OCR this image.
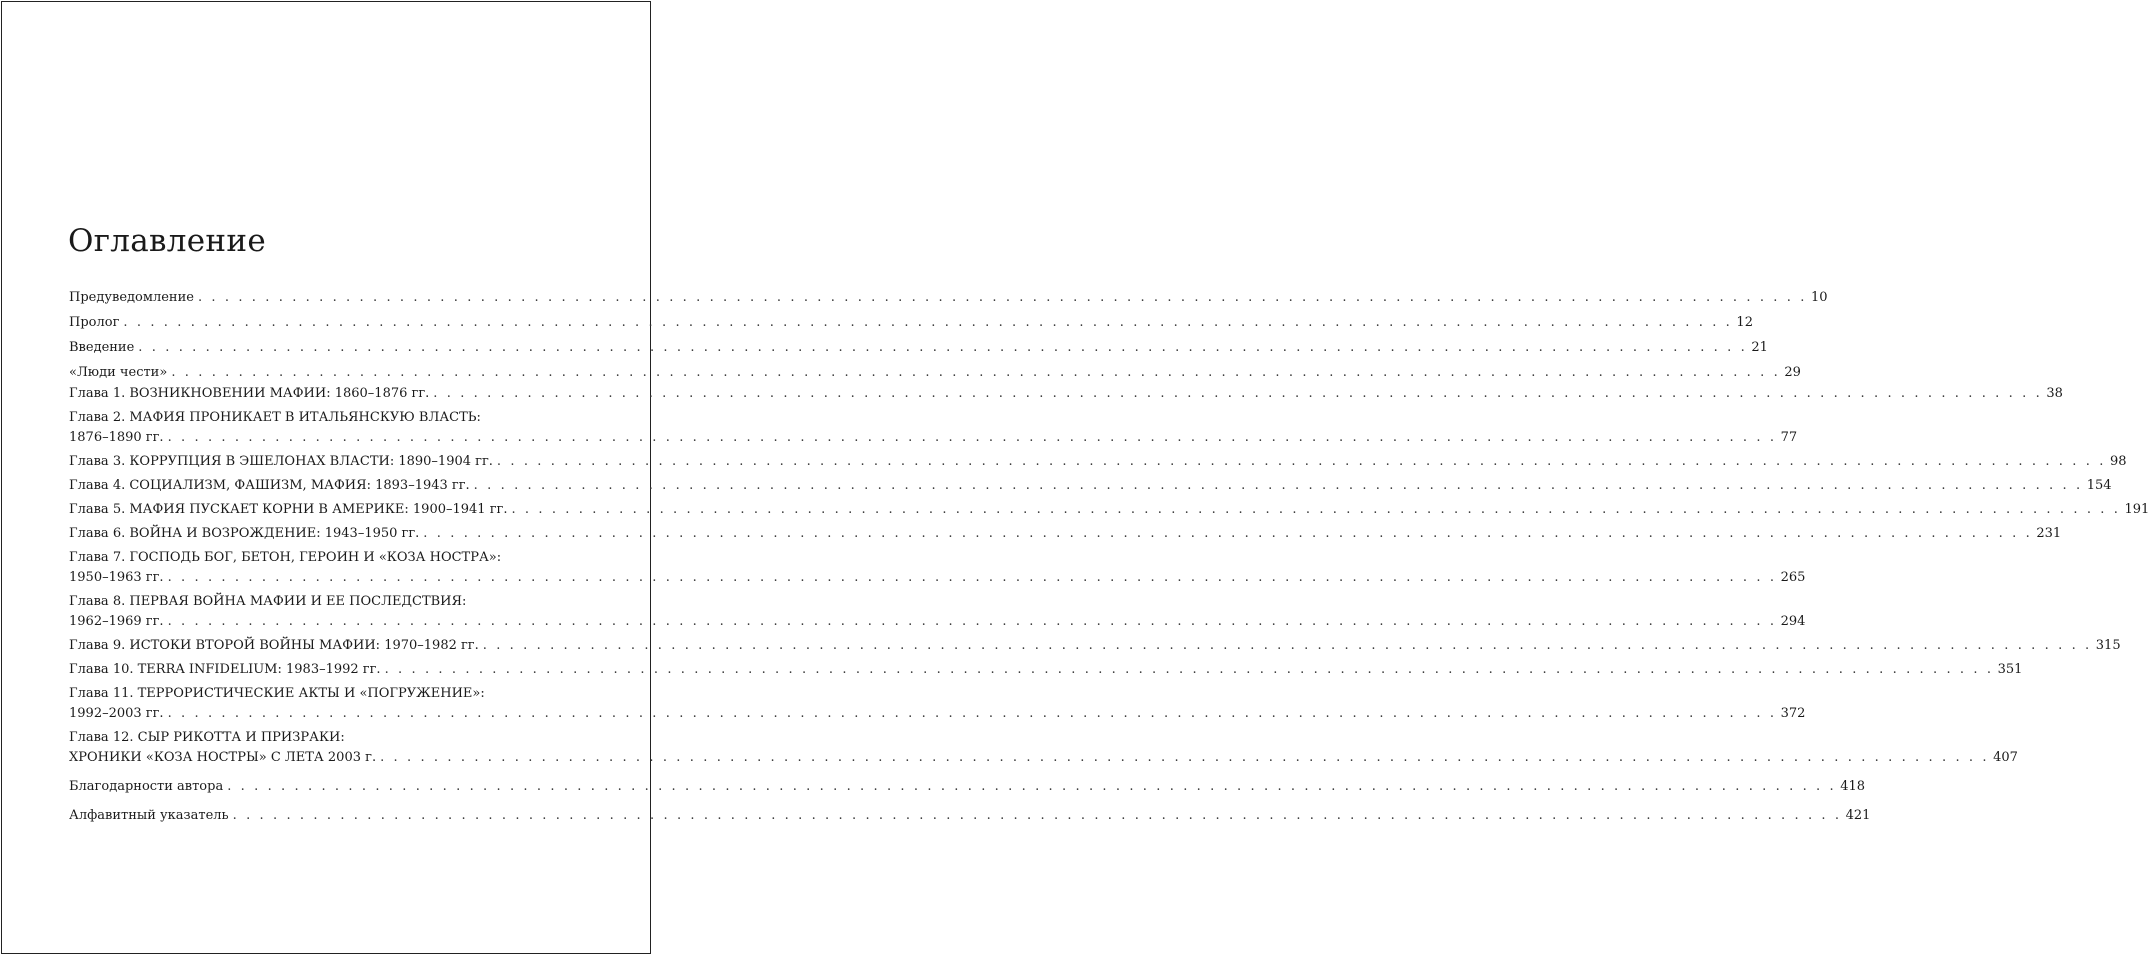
Оглавление
Предуведомление . . . . . . . . . . . . . . . . . . . . . . . . . . . . . . . . . . . . . . . . . . . . . . . . . . . . . . . . . . . . . . . . . . . . . . . . . . . . . . . . . . . . . . . . . . . . . . . . . . . . . . . . . . . . . . . . . . . . . . . . 10
Пролог . . . . . . . . . . . . . . . . . . . . . . . . . . . . . . . . . . . . . . . . . . . . . . . . . . . . . . . . . . . . . . . . . . . . . . . . . . . . . . . . . . . . . . . . . . . . . . . . . . . . . . . . . . . . . . . . . . . . . . . . 12
Введение . . . . . . . . . . . . . . . . . . . . . . . . . . . . . . . . . . . . . . . . . . . . . . . . . . . . . . . . . . . . . . . . . . . . . . . . . . . . . . . . . . . . . . . . . . . . . . . . . . . . . . . . . . . . . . . . . . . . . . . . 21
«Люди чести» . . . . . . . . . . . . . . . . . . . . . . . . . . . . . . . . . . . . . . . . . . . . . . . . . . . . . . . . . . . . . . . . . . . . . . . . . . . . . . . . . . . . . . . . . . . . . . . . . . . . . . . . . . . . . . . . . . . . . . . . 29
Глава 1. ВОЗНИКНОВЕНИИ МАФИИ: 1860–1876 гг. . . . . . . . . . . . . . . . . . . . . . . . . . . . . . . . . . . . . . . . . . . . . . . . . . . . . . . . . . . . . . . . . . . . . . . . . . . . . . . . . . . . . . . . . . . . . . . . . . . . . . . . . . . . . . . . . . . . . . . . . 38
Глава 2. МАФИЯ ПРОНИКАЕТ В ИТАЛЬЯНСКУЮ ВЛАСТЬ:
1876–1890 гг. . . . . . . . . . . . . . . . . . . . . . . . . . . . . . . . . . . . . . . . . . . . . . . . . . . . . . . . . . . . . . . . . . . . . . . . . . . . . . . . . . . . . . . . . . . . . . . . . . . . . . . . . . . . . . . . . . . . . . . . . 77
Глава 3. КОРРУПЦИЯ В ЭШЕЛОНАХ ВЛАСТИ: 1890–1904 гг. . . . . . . . . . . . . . . . . . . . . . . . . . . . . . . . . . . . . . . . . . . . . . . . . . . . . . . . . . . . . . . . . . . . . . . . . . . . . . . . . . . . . . . . . . . . . . . . . . . . . . . . . . . . . . . . . . . . . . . . . 98
Глава 4. СОЦИАЛИЗМ, ФАШИЗМ, МАФИЯ: 1893–1943 гг. . . . . . . . . . . . . . . . . . . . . . . . . . . . . . . . . . . . . . . . . . . . . . . . . . . . . . . . . . . . . . . . . . . . . . . . . . . . . . . . . . . . . . . . . . . . . . . . . . . . . . . . . . . . . . . . . . . . . . . . . 154
Глава 5. МАФИЯ ПУСКАЕТ КОРНИ В АМЕРИКЕ: 1900–1941 гг. . . . . . . . . . . . . . . . . . . . . . . . . . . . . . . . . . . . . . . . . . . . . . . . . . . . . . . . . . . . . . . . . . . . . . . . . . . . . . . . . . . . . . . . . . . . . . . . . . . . . . . . . . . . . . . . . . . . . . . . . 191
Глава 6. ВОЙНА И ВОЗРОЖДЕНИЕ: 1943–1950 гг. . . . . . . . . . . . . . . . . . . . . . . . . . . . . . . . . . . . . . . . . . . . . . . . . . . . . . . . . . . . . . . . . . . . . . . . . . . . . . . . . . . . . . . . . . . . . . . . . . . . . . . . . . . . . . . . . . . . . . . . . 231
Глава 7. ГОСПОДЬ БОГ, БЕТОН, ГЕРОИН И «КОЗА НОСТРА»:
1950–1963 гг. . . . . . . . . . . . . . . . . . . . . . . . . . . . . . . . . . . . . . . . . . . . . . . . . . . . . . . . . . . . . . . . . . . . . . . . . . . . . . . . . . . . . . . . . . . . . . . . . . . . . . . . . . . . . . . . . . . . . . . . . 265
Глава 8. ПЕРВАЯ ВОЙНА МАФИИ И ЕЕ ПОСЛЕДСТВИЯ:
1962–1969 гг. . . . . . . . . . . . . . . . . . . . . . . . . . . . . . . . . . . . . . . . . . . . . . . . . . . . . . . . . . . . . . . . . . . . . . . . . . . . . . . . . . . . . . . . . . . . . . . . . . . . . . . . . . . . . . . . . . . . . . . . . 294
Глава 9. ИСТОКИ ВТОРОЙ ВОЙНЫ МАФИИ: 1970–1982 гг. . . . . . . . . . . . . . . . . . . . . . . . . . . . . . . . . . . . . . . . . . . . . . . . . . . . . . . . . . . . . . . . . . . . . . . . . . . . . . . . . . . . . . . . . . . . . . . . . . . . . . . . . . . . . . . . . . . . . . . . . 315
Глава 10. TERRA INFIDELIUM: 1983–1992 гг. . . . . . . . . . . . . . . . . . . . . . . . . . . . . . . . . . . . . . . . . . . . . . . . . . . . . . . . . . . . . . . . . . . . . . . . . . . . . . . . . . . . . . . . . . . . . . . . . . . . . . . . . . . . . . . . . . . . . . . . . 351
Глава 11. ТЕРРОРИСТИЧЕСКИЕ АКТЫ И «ПОГРУЖЕНИЕ»:
1992–2003 гг. . . . . . . . . . . . . . . . . . . . . . . . . . . . . . . . . . . . . . . . . . . . . . . . . . . . . . . . . . . . . . . . . . . . . . . . . . . . . . . . . . . . . . . . . . . . . . . . . . . . . . . . . . . . . . . . . . . . . . . . . 372
Глава 12. СЫР РИКОТТА И ПРИЗРАКИ:
ХРОНИКИ «КОЗА НОСТРЫ» С ЛЕТА 2003 г. . . . . . . . . . . . . . . . . . . . . . . . . . . . . . . . . . . . . . . . . . . . . . . . . . . . . . . . . . . . . . . . . . . . . . . . . . . . . . . . . . . . . . . . . . . . . . . . . . . . . . . . . . . . . . . . . . . . . . . . . 407
Благодарности автора . . . . . . . . . . . . . . . . . . . . . . . . . . . . . . . . . . . . . . . . . . . . . . . . . . . . . . . . . . . . . . . . . . . . . . . . . . . . . . . . . . . . . . . . . . . . . . . . . . . . . . . . . . . . . . . . . . . . . . . . 418
Алфавитный указатель . . . . . . . . . . . . . . . . . . . . . . . . . . . . . . . . . . . . . . . . . . . . . . . . . . . . . . . . . . . . . . . . . . . . . . . . . . . . . . . . . . . . . . . . . . . . . . . . . . . . . . . . . . . . . . . . . . . . . . . . 421
